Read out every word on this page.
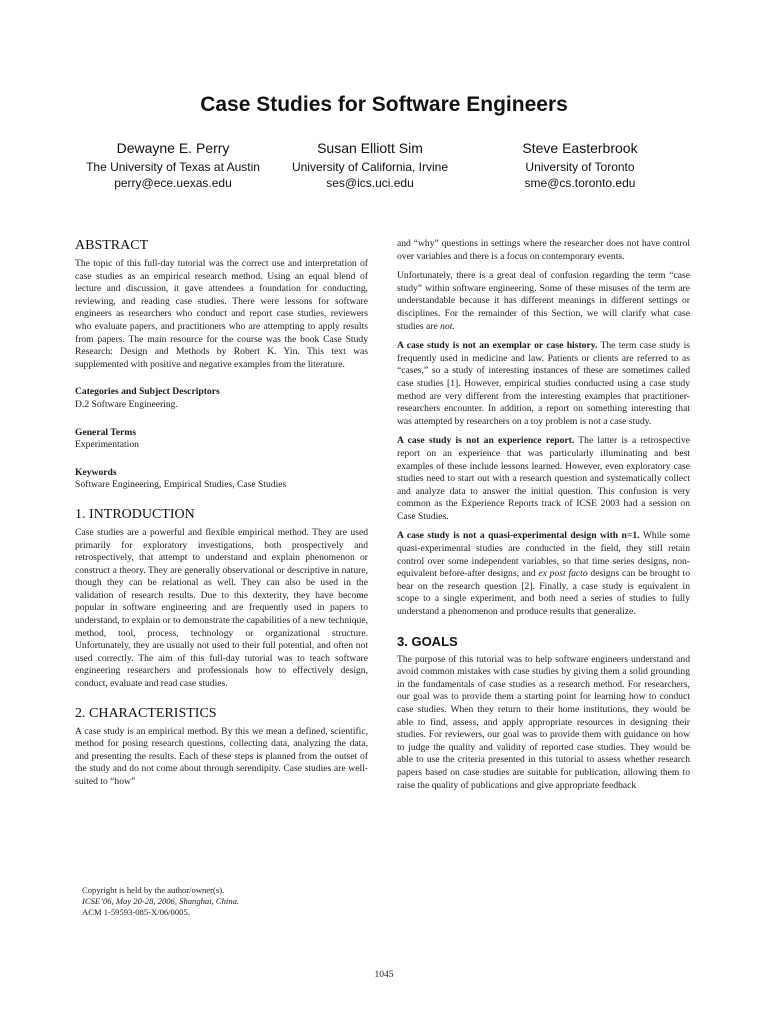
Case Studies for Software Engineers
Dewayne E. Perry
The University of Texas at Austin
perry@ece.uexas.edu
Susan Elliott Sim
University of California, Irvine
ses@ics.uci.edu
Steve Easterbrook
University of Toronto
sme@cs.toronto.edu
ABSTRACT

The topic of this full-day tutorial was the correct use and interpretation of case studies as an empirical research method. Using an equal blend of lecture and discussion, it gave attendees a foundation for conducting, reviewing, and reading case studies. There were lessons for software engineers as researchers who conduct and report case studies, reviewers who evaluate papers, and practitioners who are attempting to apply results from papers. The main resource for the course was the book Case Study Research: Design and Methods by Robert K. Yin. This text was supplemented with positive and negative examples from the literature.

Categories and Subject Descriptors

D.2 Software Engineering.

General Terms

Experimentation

Keywords

Software Engineering, Empirical Studies, Case Studies

1. INTRODUCTION

Case studies are a powerful and flexible empirical method. They are used primarily for exploratory investigations, both prospectively and retrospectively, that attempt to understand and explain phenomenon or construct a theory. They are generally observational or descriptive in nature, though they can be relational as well. They can also be used in the validation of research results. Due to this dexterity, they have become popular in software engineering and are frequently used in papers to understand, to explain or to demonstrate the capabilities of a new technique, method, tool, process, technology or organizational structure. Unfortunately, they are usually not used to their full potential, and often not used correctly. The aim of this full-day tutorial was to teach software engineering researchers and professionals how to effectively design, conduct, evaluate and read case studies.

2. CHARACTERISTICS

A case study is an empirical method. By this we mean a defined, scientific, method for posing research questions, collecting data, analyzing the data, and presenting the results. Each of these steps is planned from the outset of the study and do not come about through serendipity. Case studies are well-suited to “how”

Copyright is held by the author/owner(s).
ICSE’06, May 20-28, 2006, Shanghai, China.
ACM 1-59593-085-X/06/0005.

and “why” questions in settings where the researcher does not have control over variables and there is a focus on contemporary events.

Unfortunately, there is a great deal of confusion regarding the term “case study” within software engineering. Some of these misuses of the term are understandable because it has different meanings in different settings or disciplines. For the remainder of this Section, we will clarify what case studies are not.

A case study is not an exemplar or case history. The term case study is frequently used in medicine and law. Patients or clients are referred to as “cases,” so a study of interesting instances of these are sometimes called case studies [1]. However, empirical studies conducted using a case study method are very different from the interesting examples that practitioner-researchers encounter. In addition, a report on something interesting that was attempted by researchers on a toy problem is not a case study.

A case study is not an experience report. The latter is a retrospective report on an experience that was particularly illuminating and best examples of these include lessons learned. However, even exploratory case studies need to start out with a research question and systematically collect and analyze data to answer the initial question. This confusion is very common as the Experience Reports track of ICSE 2003 had a session on Case Studies.

A case study is not a quasi-experimental design with n=1. While some quasi-experimental studies are conducted in the field, they still retain control over some independent variables, so that time series designs, non-equivalent before-after designs, and ex post facto designs can be brought to bear on the research question [2]. Finally, a case study is equivalent in scope to a single experiment, and both need a series of studies to fully understand a phenomenon and produce results that generalize.

3. GOALS

The purpose of this tutorial was to help software engineers understand and avoid common mistakes with case studies by giving them a solid grounding in the fundamentals of case studies as a research method. For researchers, our goal was to provide them a starting point for learning how to conduct case studies. When they return to their home institutions, they would be able to find, assess, and apply appropriate resources in designing their studies. For reviewers, our goal was to provide them with guidance on how to judge the quality and validity of reported case studies. They would be able to use the criteria presented in this tutorial to assess whether research papers based on case studies are suitable for publication, allowing them to raise the quality of publications and give appropriate feedback

1045
